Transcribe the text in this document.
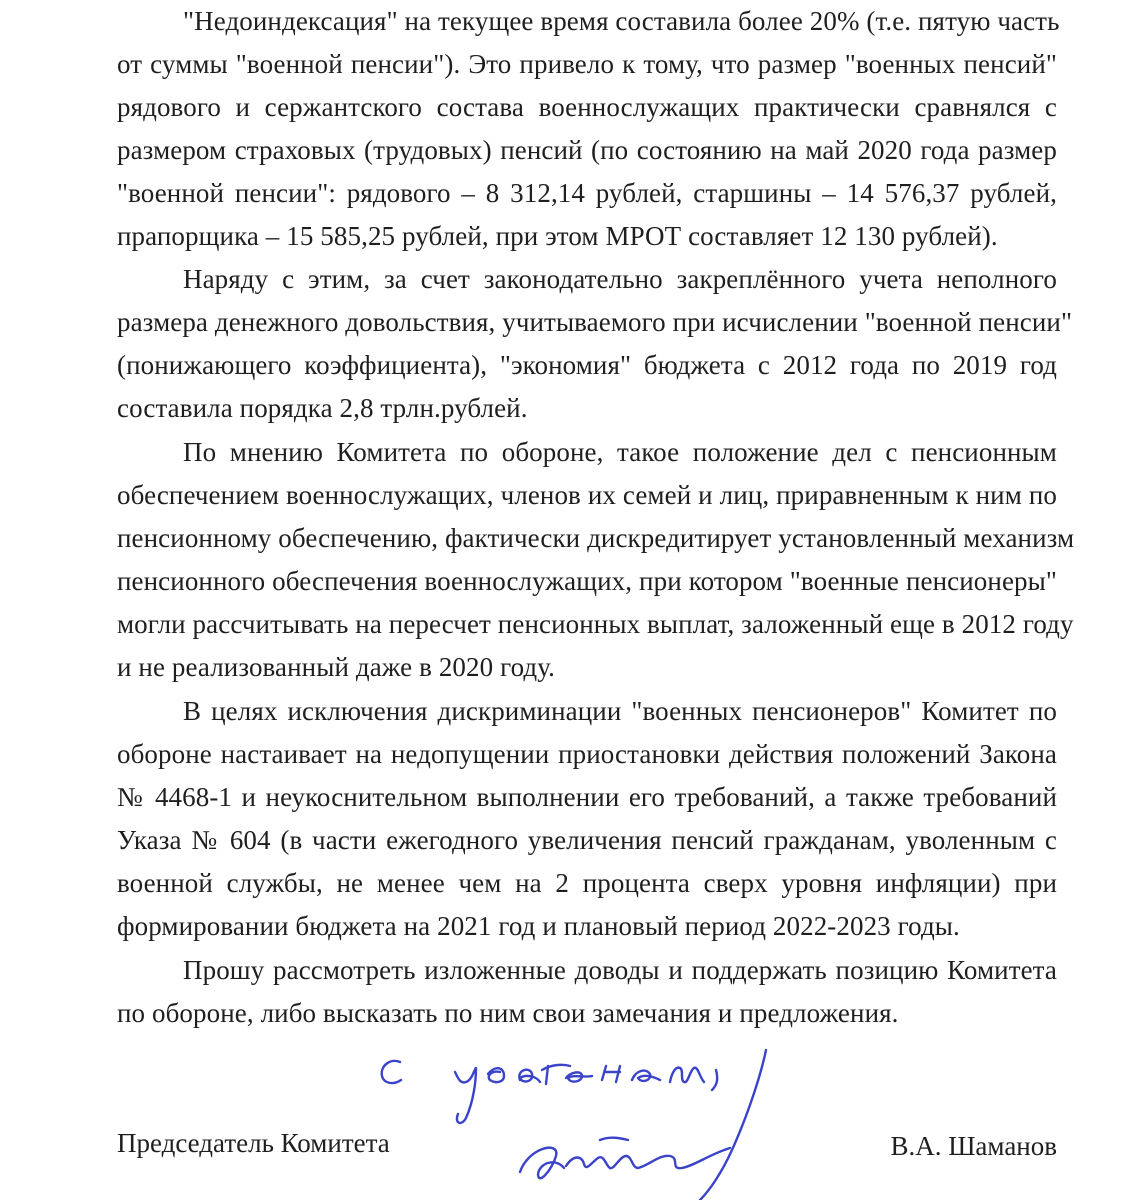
"Недоиндексация" на текущее время составила более 20% (т.е. пятую часть
от суммы "военной пенсии"). Это привело к тому, что размер "военных пенсий"
рядового и сержантского состава военнослужащих практически сравнялся с
размером страховых (трудовых) пенсий (по состоянию на май 2020 года размер
"военной пенсии": рядового – 8 312,14 рублей, старшины – 14 576,37 рублей,
прапорщика – 15 585,25 рублей, при этом МРОТ составляет 12 130 рублей).
Наряду с этим, за счет законодательно закреплённого учета неполного
размера денежного довольствия, учитываемого при исчислении "военной пенсии"
(понижающего коэффициента), "экономия" бюджета с 2012 года по 2019 год
составила порядка 2,8 трлн.рублей.
По мнению Комитета по обороне, такое положение дел с пенсионным
обеспечением военнослужащих, членов их семей и лиц, приравненным к ним по
пенсионному обеспечению, фактически дискредитирует установленный механизм
пенсионного обеспечения военнослужащих, при котором "военные пенсионеры"
могли рассчитывать на пересчет пенсионных выплат, заложенный еще в 2012 году
и не реализованный даже в 2020 году.
В целях исключения дискриминации "военных пенсионеров" Комитет по
обороне настаивает на недопущении приостановки действия положений Закона
№ 4468-1 и неукоснительном выполнении его требований, а также требований
Указа № 604 (в части ежегодного увеличения пенсий гражданам, уволенным с
военной службы, не менее чем на 2 процента сверх уровня инфляции) при
формировании бюджета на 2021 год и плановый период 2022-2023 годы.
Прошу рассмотреть изложенные доводы и поддержать позицию Комитета
по обороне, либо высказать по ним свои замечания и предложения.
Председатель Комитета	В.А. Шаманов
